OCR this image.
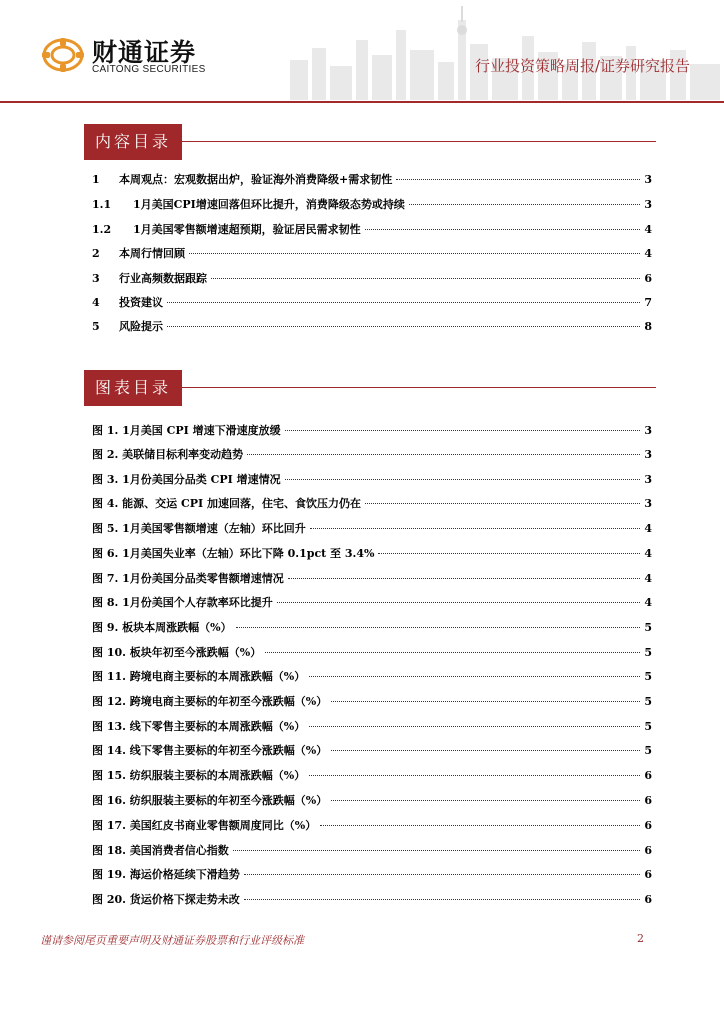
财通证券
CAITONG SECURITIES	行业投资策略周报/证券研究报告
内容目录
1	本周观点：宏观数据出炉，验证海外消费降级+需求韧性	3
1.1	1月美国CPI增速回落但环比提升，消费降级态势或持续	3
1.2	1月美国零售额增速超预期，验证居民需求韧性	4
2	本周行情回顾	4
3	行业高频数据跟踪	6
4	投资建议	7
5	风险提示	8
图表目录
图 1. 1月美国 CPI 增速下滑速度放缓	3
图 2. 美联储目标利率变动趋势	3
图 3. 1月份美国分品类 CPI 增速情况	3
图 4. 能源、交运 CPI 加速回落，住宅、食饮压力仍在	3
图 5. 1月美国零售额增速（左轴）环比回升	4
图 6. 1月美国失业率（左轴）环比下降 0.1pct 至 3.4%	4
图 7. 1月份美国分品类零售额增速情况	4
图 8. 1月份美国个人存款率环比提升	4
图 9. 板块本周涨跌幅（%）	5
图 10. 板块年初至今涨跌幅（%）	5
图 11. 跨境电商主要标的本周涨跌幅（%）	5
图 12. 跨境电商主要标的年初至今涨跌幅（%）	5
图 13. 线下零售主要标的本周涨跌幅（%）	5
图 14. 线下零售主要标的年初至今涨跌幅（%）	5
图 15. 纺织服装主要标的本周涨跌幅（%）	6
图 16. 纺织服装主要标的年初至今涨跌幅（%）	6
图 17. 美国红皮书商业零售额周度同比（%）	6
图 18. 美国消费者信心指数	6
图 19. 海运价格延续下滑趋势	6
图 20. 货运价格下探走势未改	6
谨请参阅尾页重要声明及财通证券股票和行业评级标准	2
